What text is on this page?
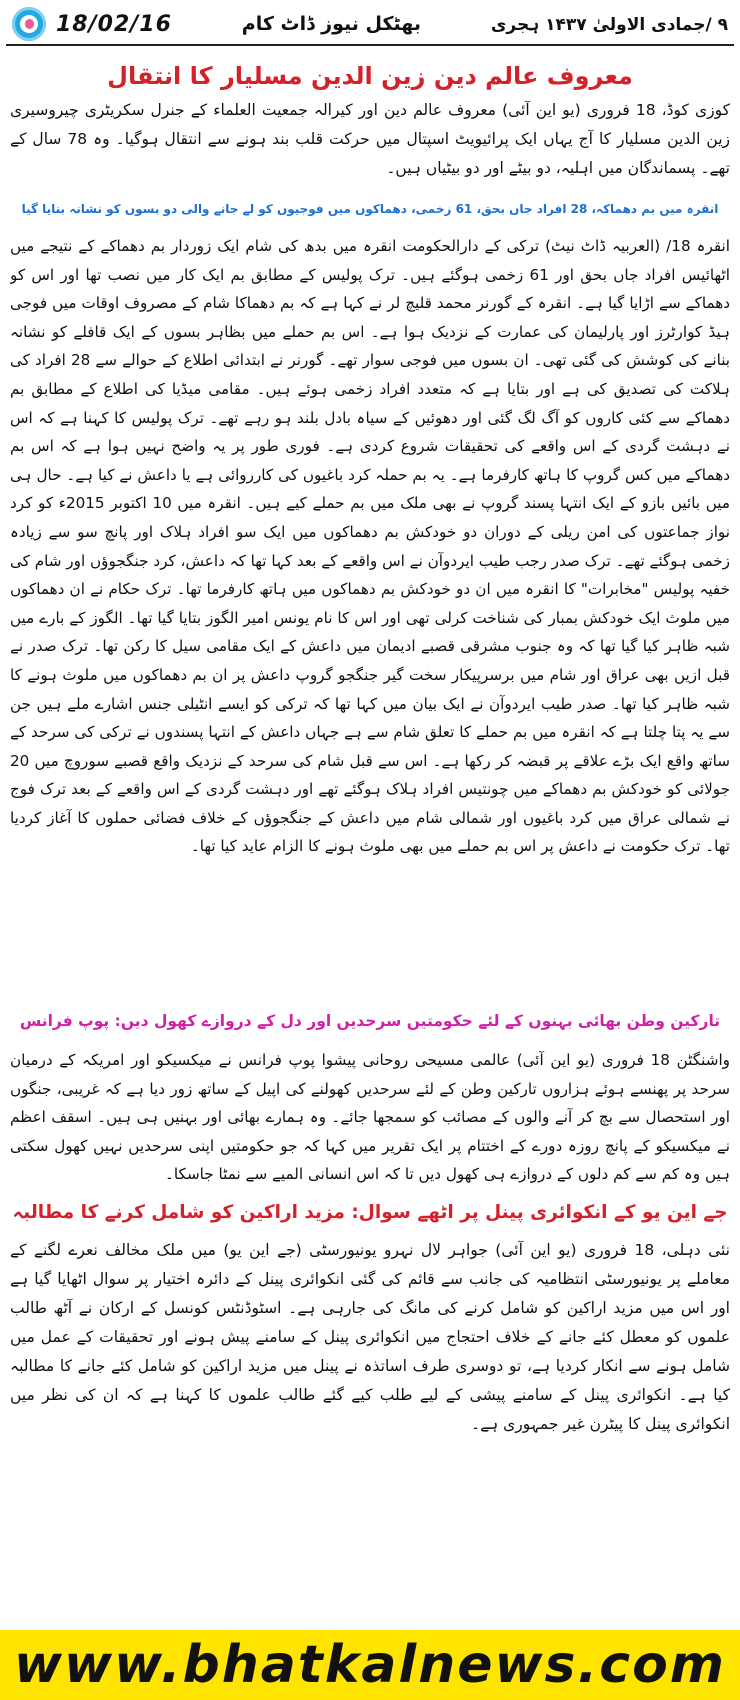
18/02/16	بھٹکل نیوز ڈاٹ کام	۹ /جمادی الاولیٰ ۱۴۳۷ ہجری
معروف عالم دین زین الدین مسلیار کا انتقال
کوزی کوڈ، 18 فروری (یو این آئی) معروف عالم دین اور کیرالہ جمعیت العلماء کے جنرل سکریٹری چیروسیری زین الدین مسلیار کا آج یہاں ایک پرائیویٹ اسپتال میں حرکت قلب بند ہونے سے انتقال ہوگیا۔ وہ 78 سال کے تھے۔ پسماندگان میں اہلیہ، دو بیٹے اور دو بیٹیاں ہیں۔
انقرہ میں بم دھماکہ، 28 افراد جاں بحق، 61 زخمی، دھماکوں میں فوجیوں کو لے جانے والی دو بسوں کو نشانہ بنایا گیا
انقرہ 18/ (العربیہ ڈاٹ نیٹ) ترکی کے دارالحکومت انقرہ میں بدھ کی شام ایک زوردار بم دھماکے کے نتیجے میں اٹھائیس افراد جاں بحق اور 61 زخمی ہوگئے ہیں۔ ترک پولیس کے مطابق بم ایک کار میں نصب تھا اور اس کو دھماکے سے اڑایا گیا ہے۔ انقرہ کے گورنر محمد قلیچ لر نے کہا ہے کہ بم دھماکا شام کے مصروف اوقات میں فوجی ہیڈ کوارٹرز اور پارلیمان کی عمارت کے نزدیک ہوا ہے۔ اس بم حملے میں بظاہر بسوں کے ایک قافلے کو نشانہ بنانے کی کوشش کی گئی تھی۔ ان بسوں میں فوجی سوار تھے۔ گورنر نے ابتدائی اطلاع کے حوالے سے 28 افراد کی ہلاکت کی تصدیق کی ہے اور بتایا ہے کہ متعدد افراد زخمی ہوئے ہیں۔ مقامی میڈیا کی اطلاع کے مطابق بم دھماکے سے کئی کاروں کو آگ لگ گئی اور دھوئیں کے سیاہ بادل بلند ہو رہے تھے۔ ترک پولیس کا کہنا ہے کہ اس نے دہشت گردی کے اس واقعے کی تحقیقات شروع کردی ہے۔ فوری طور پر یہ واضح نہیں ہوا ہے کہ اس بم دھماکے میں کس گروپ کا ہاتھ کارفرما ہے۔ یہ بم حملہ کرد باغیوں کی کارروائی ہے یا داعش نے کیا ہے۔ حال ہی میں بائیں بازو کے ایک انتہا پسند گروپ نے بھی ملک میں بم حملے کیے ہیں۔ انقرہ میں 10 اکتوبر 2015ء کو کرد نواز جماعتوں کی امن ریلی کے دوران دو خودکش بم دھماکوں میں ایک سو افراد ہلاک اور پانچ سو سے زیادہ زخمی ہوگئے تھے۔ ترک صدر رجب طیب ایردوآن نے اس واقعے کے بعد کہا تھا کہ داعش، کرد جنگجوؤں اور شام کی خفیہ پولیس "مخابرات" کا انقرہ میں ان دو خودکش بم دھماکوں میں ہاتھ کارفرما تھا۔ ترک حکام نے ان دھماکوں میں ملوث ایک خودکش بمبار کی شناخت کرلی تھی اور اس کا نام یونس امیر الگوز بتایا گیا تھا۔ الگوز کے بارے میں شبہ ظاہر کیا گیا تھا کہ وہ جنوب مشرقی قصبے ادیمان میں داعش کے ایک مقامی سیل کا رکن تھا۔ ترک صدر نے قبل ازیں بھی عراق اور شام میں برسرپیکار سخت گیر جنگجو گروپ داعش پر ان بم دھماکوں میں ملوث ہونے کا شبہ ظاہر کیا تھا۔ صدر طیب ایردوآن نے ایک بیان میں کہا تھا کہ ترکی کو ایسے انٹیلی جنس اشارے ملے ہیں جن سے یہ پتا چلتا ہے کہ انقرہ میں بم حملے کا تعلق شام سے ہے جہاں داعش کے انتہا پسندوں نے ترکی کی سرحد کے ساتھ واقع ایک بڑے علاقے پر قبضہ کر رکھا ہے۔ اس سے قبل شام کی سرحد کے نزدیک واقع قصبے سوروچ میں 20 جولائی کو خودکش بم دھماکے میں چونتیس افراد ہلاک ہوگئے تھے اور دہشت گردی کے اس واقعے کے بعد ترک فوج نے شمالی عراق میں کرد باغیوں اور شمالی شام میں داعش کے جنگجوؤں کے خلاف فضائی حملوں کا آغاز کردیا تھا۔ ترک حکومت نے داعش پر اس بم حملے میں بھی ملوث ہونے کا الزام عاید کیا تھا۔
تارکین وطن بھائی بہنوں کے لئے حکومتیں سرحدیں اور دل کے دروازے کھول دیں: پوپ فرانس
واشنگٹن 18 فروری (یو این آئی) عالمی مسیحی روحانی پیشوا پوپ فرانس نے میکسیکو اور امریکہ کے درمیان سرحد پر پھنسے ہوئے ہزاروں تارکین وطن کے لئے سرحدیں کھولنے کی اپیل کے ساتھ زور دیا ہے کہ غریبی، جنگوں اور استحصال سے بچ کر آنے والوں کے مصائب کو سمجھا جائے۔ وہ ہمارے بھائی اور بہنیں ہی ہیں۔ اسقف اعظم نے میکسیکو کے پانچ روزہ دورے کے اختتام پر ایک تقریر میں کہا کہ جو حکومتیں اپنی سرحدیں نہیں کھول سکتی ہیں وہ کم سے کم دلوں کے دروازے ہی کھول دیں تا کہ اس انسانی المیے سے نمٹا جاسکا۔
جے این یو کے انکوائری پینل پر اٹھے سوال: مزید اراکین کو شامل کرنے کا مطالبہ
نئی دہلی، 18 فروری (یو این آئی) جواہر لال نہرو یونیورسٹی (جے این یو) میں ملک مخالف نعرے لگنے کے معاملے پر یونیورسٹی انتظامیہ کی جانب سے قائم کی گئی انکوائری پینل کے دائرہ اختیار پر سوال اٹھایا گیا ہے اور اس میں مزید اراکین کو شامل کرنے کی مانگ کی جارہی ہے۔ اسٹوڈنٹس کونسل کے ارکان نے آٹھ طالب علموں کو معطل کئے جانے کے خلاف احتجاج میں انکوائری پینل کے سامنے پیش ہونے اور تحقیقات کے عمل میں شامل ہونے سے انکار کردیا ہے، تو دوسری طرف اساتذہ نے پینل میں مزید اراکین کو شامل کئے جانے کا مطالبہ کیا ہے۔ انکوائری پینل کے سامنے پیشی کے لیے طلب کیے گئے طالب علموں کا کہنا ہے کہ ان کی نظر میں انکوائری پینل کا پیٹرن غیر جمہوری ہے۔
www.bhatkalnews.com
